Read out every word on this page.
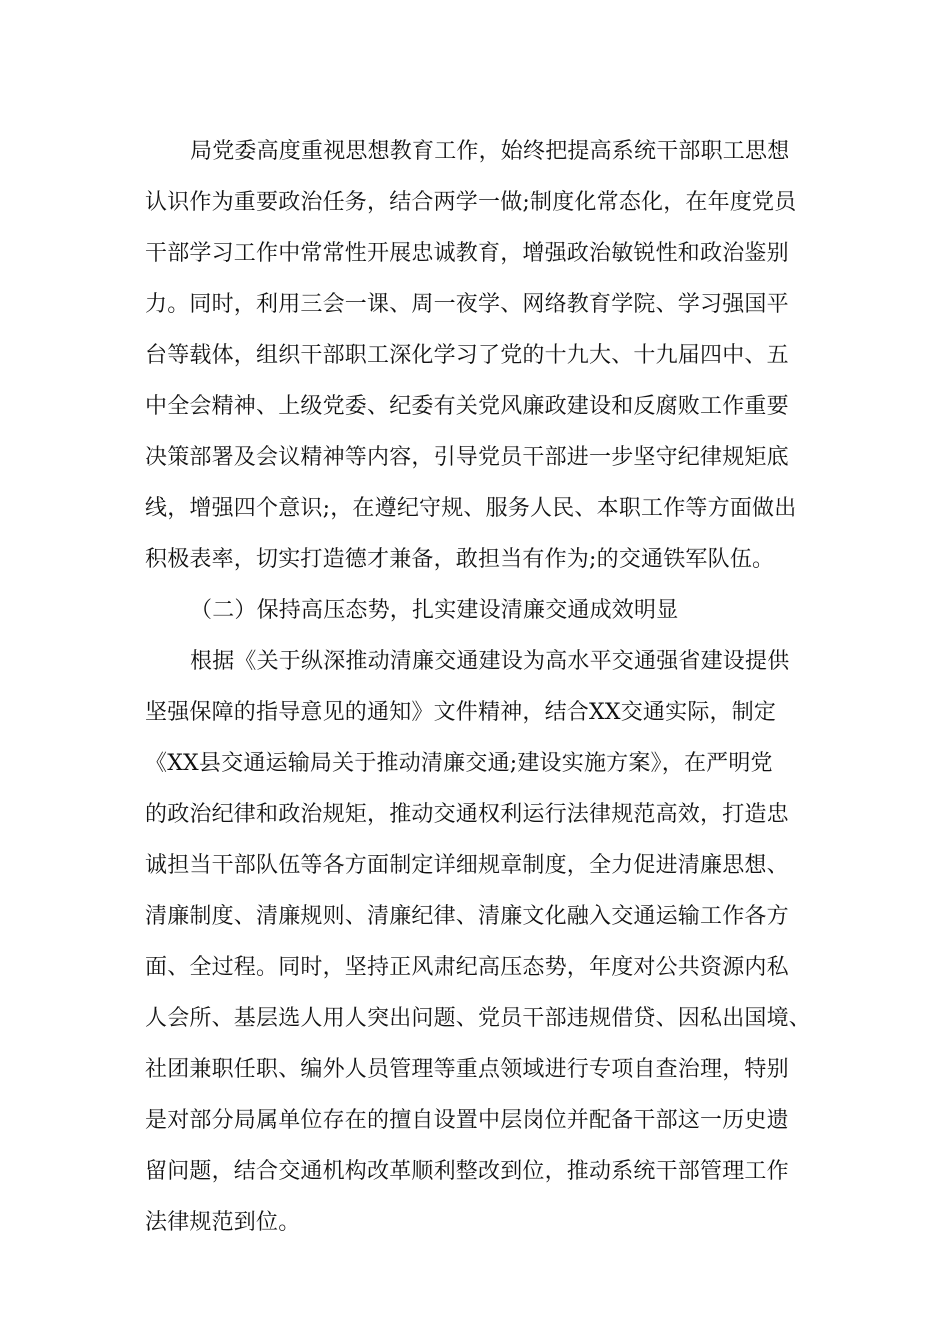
局党委高度重视思想教育工作，始终把提高系统干部职工思想
认识作为重要政治任务，结合两学一做;制度化常态化，在年度党员
干部学习工作中常常性开展忠诚教育，增强政治敏锐性和政治鉴别
力。同时，利用三会一课、周一夜学、网络教育学院、学习强国平
台等载体，组织干部职工深化学习了党的十九大、十九届四中、五
中全会精神、上级党委、纪委有关党风廉政建设和反腐败工作重要
决策部署及会议精神等内容，引导党员干部进一步坚守纪律规矩底
线，增强四个意识;，在遵纪守规、服务人民、本职工作等方面做出
积极表率，切实打造德才兼备，敢担当有作为;的交通铁军队伍。
（二）保持高压态势，扎实建设清廉交通成效明显
根据《关于纵深推动清廉交通建设为高水平交通强省建设提供
坚强保障的指导意见的通知》文件精神，结合XX交通实际，制定
《XX县交通运输局关于推动清廉交通;建设实施方案》，在严明党
的政治纪律和政治规矩，推动交通权利运行法律规范高效，打造忠
诚担当干部队伍等各方面制定详细规章制度，全力促进清廉思想、
清廉制度、清廉规则、清廉纪律、清廉文化融入交通运输工作各方
面、全过程。同时，坚持正风肃纪高压态势，年度对公共资源内私
人会所、基层选人用人突出问题、党员干部违规借贷、因私出国境、
社团兼职任职、编外人员管理等重点领域进行专项自查治理，特别
是对部分局属单位存在的擅自设置中层岗位并配备干部这一历史遗
留问题，结合交通机构改革顺利整改到位，推动系统干部管理工作
法律规范到位。
